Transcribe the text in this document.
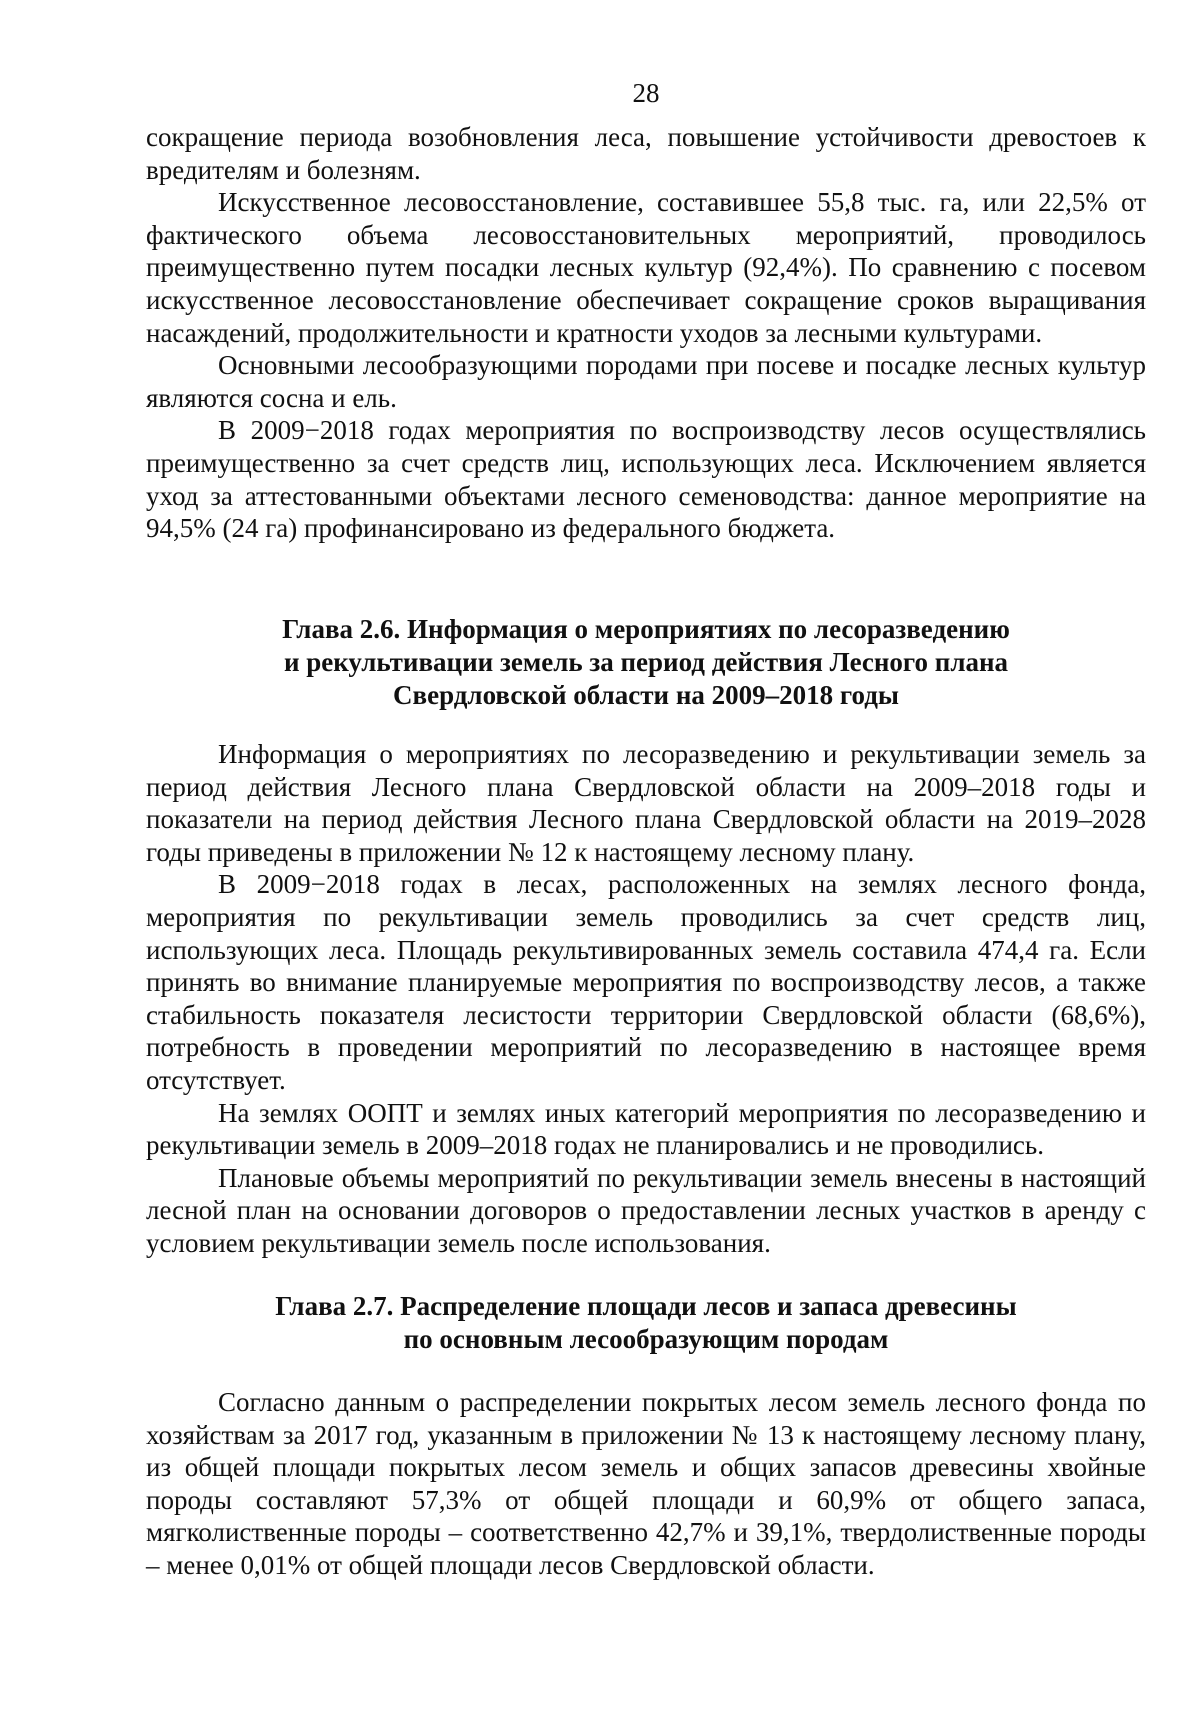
28

сокращение периода возобновления леса, повышение устойчивости древостоев к вредителям и болезням.

Искусственное лесовосстановление, составившее 55,8 тыс. га, или 22,5% от фактического объема лесовосстановительных мероприятий, проводилось преимущественно путем посадки лесных культур (92,4%). По сравнению с посевом искусственное лесовосстановление обеспечивает сокращение сроков выращивания насаждений, продолжительности и кратности уходов за лесными культурами.

Основными лесообразующими породами при посеве и посадке лесных культур являются сосна и ель.

В 2009−2018 годах мероприятия по воспроизводству лесов осуществлялись преимущественно за счет средств лиц, использующих леса. Исключением является уход за аттестованными объектами лесного семеноводства: данное мероприятие на 94,5% (24 га) профинансировано из федерального бюджета.

Глава 2.6. Информация о мероприятиях по лесоразведению

и рекультивации земель за период действия Лесного плана

Свердловской области на 2009–2018 годы

Информация о мероприятиях по лесоразведению и рекультивации земель за период действия Лесного плана Свердловской области на 2009–2018 годы и показатели на период действия Лесного плана Свердловской области на 2019–2028 годы приведены в приложении № 12 к настоящему лесному плану.

В 2009−2018 годах в лесах, расположенных на землях лесного фонда, мероприятия по рекультивации земель проводились за счет средств лиц, использующих леса. Площадь рекультивированных земель составила 474,4 га. Если принять во внимание планируемые мероприятия по воспроизводству лесов, а также стабильность показателя лесистости территории Свердловской области (68,6%), потребность в проведении мероприятий по лесоразведению в настоящее время отсутствует.

На землях ООПТ и землях иных категорий мероприятия по лесоразведению и рекультивации земель в 2009–2018 годах не планировались и не проводились.

Плановые объемы мероприятий по рекультивации земель внесены в настоящий лесной план на основании договоров о предоставлении лесных участков в аренду с условием рекультивации земель после использования.

Глава 2.7. Распределение площади лесов и запаса древесины

по основным лесообразующим породам

Согласно данным о распределении покрытых лесом земель лесного фонда по хозяйствам за 2017 год, указанным в приложении № 13 к настоящему лесному плану, из общей площади покрытых лесом земель и общих запасов древесины хвойные породы составляют 57,3% от общей площади и 60,9% от общего запаса, мягколиственные породы – соответственно 42,7% и 39,1%, твердолиственные породы – менее 0,01% от общей площади лесов Свердловской области.
